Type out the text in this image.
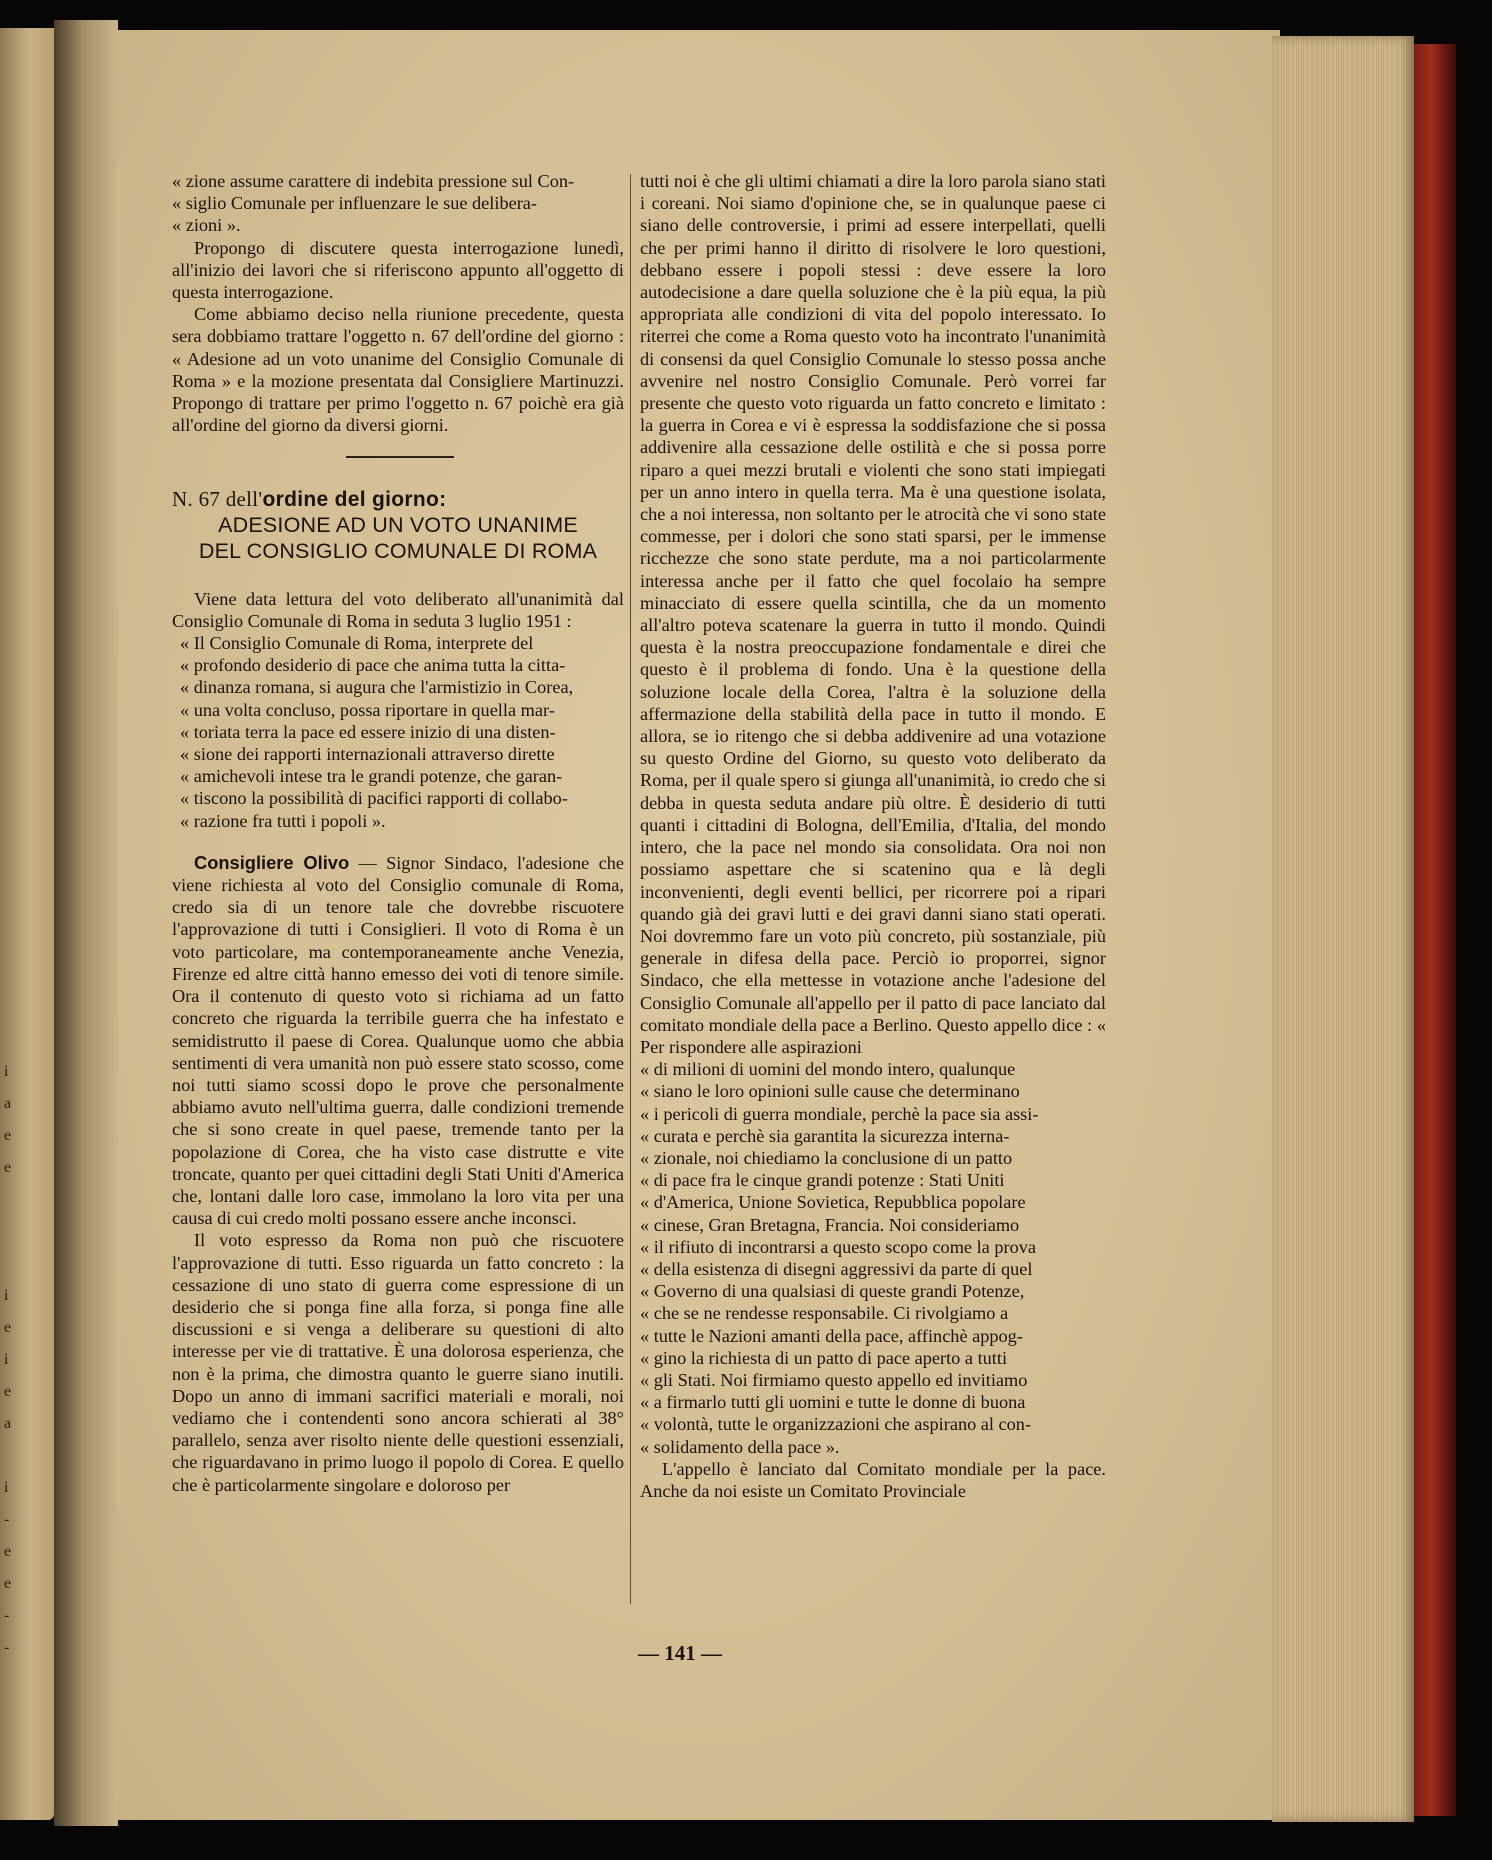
i
a
e
e

i
e
i
e
a

i
-
e
e
-
-

« zione assume carattere di indebita pressione sul Con-
« siglio Comunale per influenzare le sue delibera-
« zioni ».

Propongo di discutere questa interrogazione lunedì, all'inizio dei lavori che si riferiscono appunto all'oggetto di questa interrogazione.

Come abbiamo deciso nella riunione precedente, questa sera dobbiamo trattare l'oggetto n. 67 dell'ordine del giorno : « Adesione ad un voto unanime del Consiglio Comunale di Roma » e la mozione presentata dal Consigliere Martinuzzi. Propongo di trattare per primo l'oggetto n. 67 poichè era già all'ordine del giorno da diversi giorni.

N. 67 dell'ordine del giorno:

ADESIONE AD UN VOTO UNANIME
DEL CONSIGLIO COMUNALE DI ROMA

Viene data lettura del voto deliberato all'unanimità dal Consiglio Comunale di Roma in seduta 3 luglio 1951 :

« Il Consiglio Comunale di Roma, interprete del
« profondo desiderio di pace che anima tutta la citta-
« dinanza romana, si augura che l'armistizio in Corea,
« una volta concluso, possa riportare in quella mar-
« toriata terra la pace ed essere inizio di una disten-
« sione dei rapporti internazionali attraverso dirette
« amichevoli intese tra le grandi potenze, che garan-
« tiscono la possibilità di pacifici rapporti di collabo-
« razione fra tutti i popoli ».

Consigliere Olivo — Signor Sindaco, l'adesione che viene richiesta al voto del Consiglio comunale di Roma, credo sia di un tenore tale che dovrebbe riscuotere l'approvazione di tutti i Consiglieri. Il voto di Roma è un voto particolare, ma contemporaneamente anche Venezia, Firenze ed altre città hanno emesso dei voti di tenore simile. Ora il contenuto di questo voto si richiama ad un fatto concreto che riguarda la terribile guerra che ha infestato e semidistrutto il paese di Corea. Qualunque uomo che abbia sentimenti di vera umanità non può essere stato scosso, come noi tutti siamo scossi dopo le prove che personalmente abbiamo avuto nell'ultima guerra, dalle condizioni tremende che si sono create in quel paese, tremende tanto per la popolazione di Corea, che ha visto case distrutte e vite troncate, quanto per quei cittadini degli Stati Uniti d'America che, lontani dalle loro case, immolano la loro vita per una causa di cui credo molti possano essere anche inconsci.

Il voto espresso da Roma non può che riscuotere l'approvazione di tutti. Esso riguarda un fatto concreto : la cessazione di uno stato di guerra come espressione di un desiderio che si ponga fine alla forza, si ponga fine alle discussioni e si venga a deliberare su questioni di alto interesse per vie di trattative. È una dolorosa esperienza, che non è la prima, che dimostra quanto le guerre siano inutili. Dopo un anno di immani sacrifici materiali e morali, noi vediamo che i contendenti sono ancora schierati al 38° parallelo, senza aver risolto niente delle questioni essenziali, che riguardavano in primo luogo il popolo di Corea. E quello che è particolarmente singolare e doloroso per

tutti noi è che gli ultimi chiamati a dire la loro parola siano stati i coreani. Noi siamo d'opinione che, se in qualunque paese ci siano delle controversie, i primi ad essere interpellati, quelli che per primi hanno il diritto di risolvere le loro questioni, debbano essere i popoli stessi : deve essere la loro autodecisione a dare quella soluzione che è la più equa, la più appropriata alle condizioni di vita del popolo interessato. Io riterrei che come a Roma questo voto ha incontrato l'unanimità di consensi da quel Consiglio Comunale lo stesso possa anche avvenire nel nostro Consiglio Comunale. Però vorrei far presente che questo voto riguarda un fatto concreto e limitato : la guerra in Corea e vi è espressa la soddisfazione che si possa addivenire alla cessazione delle ostilità e che si possa porre riparo a quei mezzi brutali e violenti che sono stati impiegati per un anno intero in quella terra. Ma è una questione isolata, che a noi interessa, non soltanto per le atrocità che vi sono state commesse, per i dolori che sono stati sparsi, per le immense ricchezze che sono state perdute, ma a noi particolarmente interessa anche per il fatto che quel focolaio ha sempre minacciato di essere quella scintilla, che da un momento all'altro poteva scatenare la guerra in tutto il mondo. Quindi questa è la nostra preoccupazione fondamentale e direi che questo è il problema di fondo. Una è la questione della soluzione locale della Corea, l'altra è la soluzione della affermazione della stabilità della pace in tutto il mondo. E allora, se io ritengo che si debba addivenire ad una votazione su questo Ordine del Giorno, su questo voto deliberato da Roma, per il quale spero si giunga all'unanimità, io credo che si debba in questa seduta andare più oltre. È desiderio di tutti quanti i cittadini di Bologna, dell'Emilia, d'Italia, del mondo intero, che la pace nel mondo sia consolidata. Ora noi non possiamo aspettare che si scatenino qua e là degli inconvenienti, degli eventi bellici, per ricorrere poi a ripari quando già dei gravi lutti e dei gravi danni siano stati operati. Noi dovremmo fare un voto più concreto, più sostanziale, più generale in difesa della pace. Perciò io proporrei, signor Sindaco, che ella mettesse in votazione anche l'adesione del Consiglio Comunale all'appello per il patto di pace lanciato dal comitato mondiale della pace a Berlino. Questo appello dice : « Per rispondere alle aspirazioni

« di milioni di uomini del mondo intero, qualunque
« siano le loro opinioni sulle cause che determinano
« i pericoli di guerra mondiale, perchè la pace sia assi-
« curata e perchè sia garantita la sicurezza interna-
« zionale, noi chiediamo la conclusione di un patto
« di pace fra le cinque grandi potenze : Stati Uniti
« d'America, Unione Sovietica, Repubblica popolare
« cinese, Gran Bretagna, Francia. Noi consideriamo
« il rifiuto di incontrarsi a questo scopo come la prova
« della esistenza di disegni aggressivi da parte di quel
« Governo di una qualsiasi di queste grandi Potenze,
« che se ne rendesse responsabile. Ci rivolgiamo a
« tutte le Nazioni amanti della pace, affinchè appog-
« gino la richiesta di un patto di pace aperto a tutti
« gli Stati. Noi firmiamo questo appello ed invitiamo
« a firmarlo tutti gli uomini e tutte le donne di buona
« volontà, tutte le organizzazioni che aspirano al con-
« solidamento della pace ».

L'appello è lanciato dal Comitato mondiale per la pace. Anche da noi esiste un Comitato Provinciale

— 141 —
